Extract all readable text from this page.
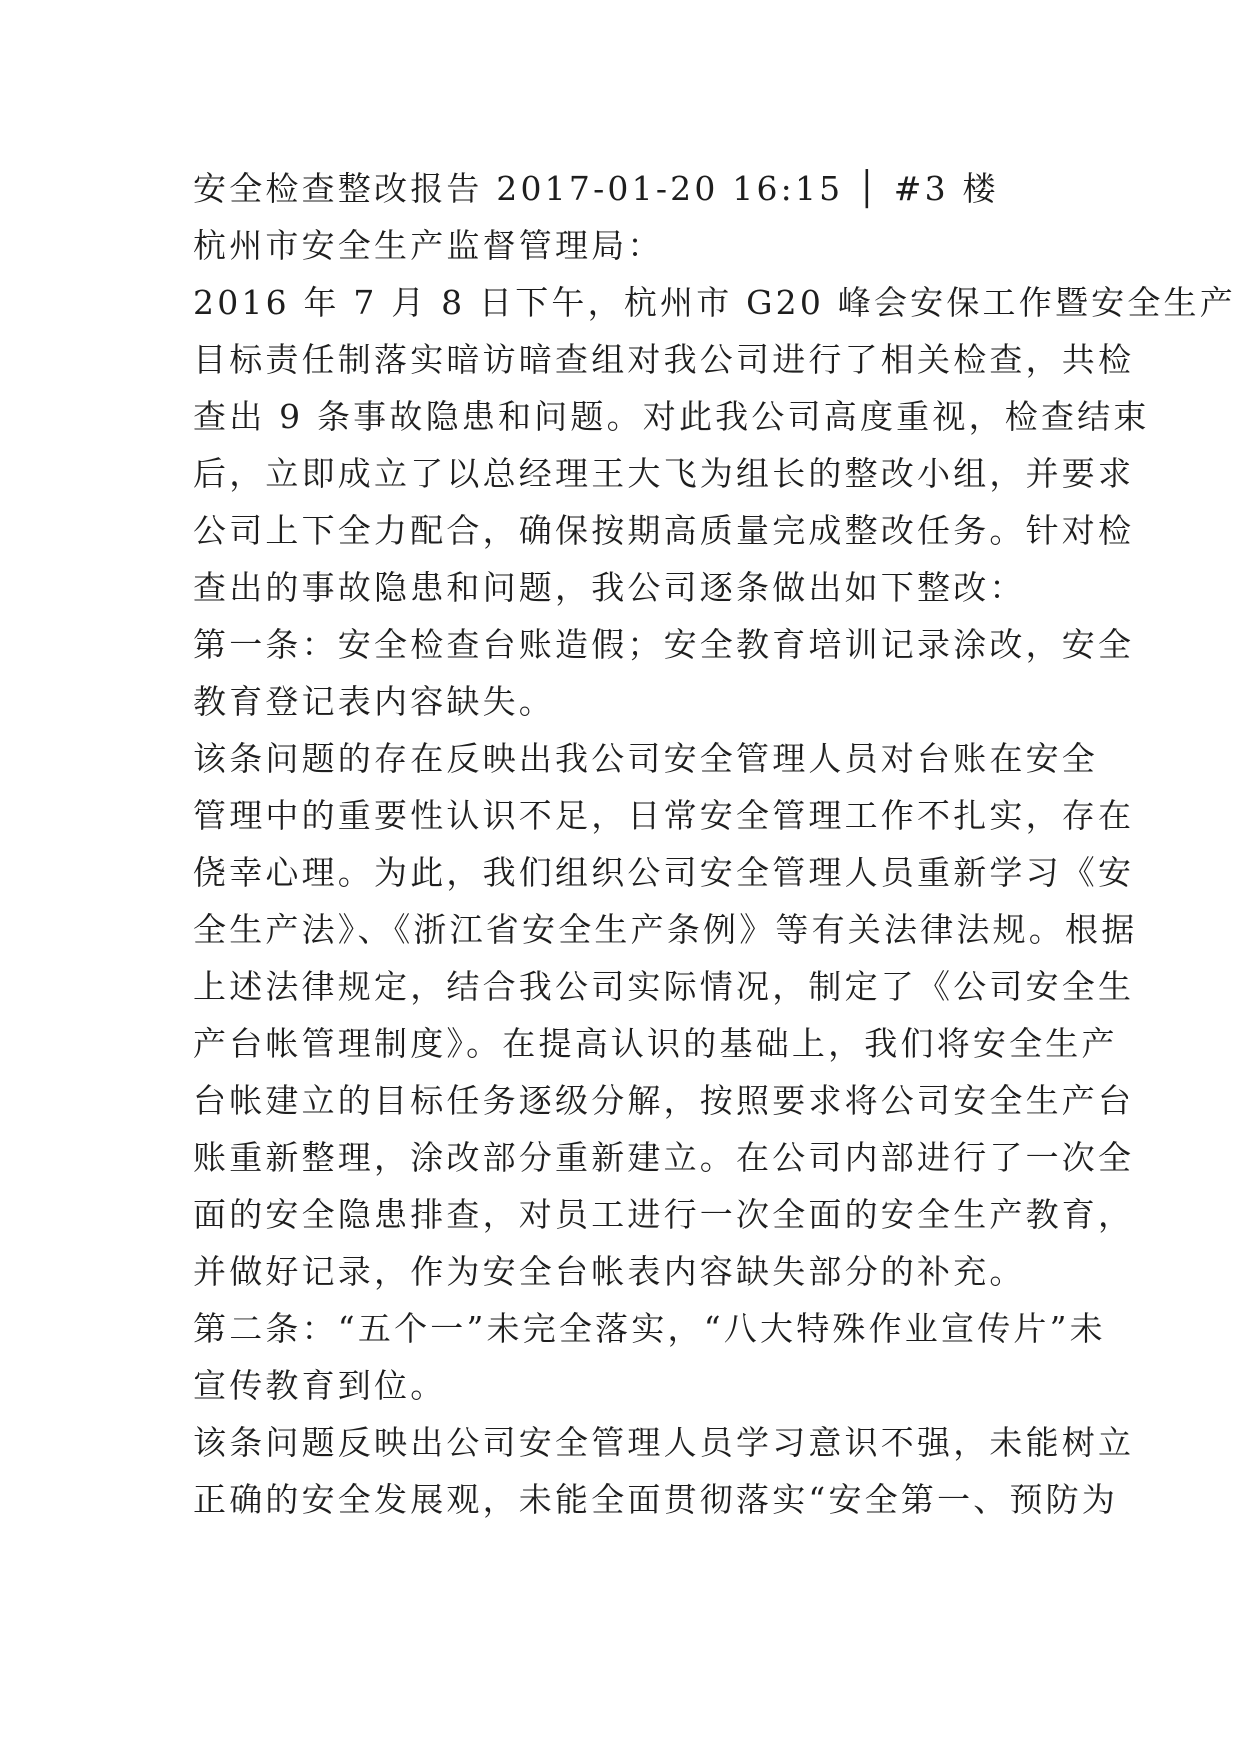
安全检查整改报告 2017-01-20 16:15 │ #3 楼
杭州市安全生产监督管理局：
2016 年 7 月 8 日下午，杭州市 G20 峰会安保工作暨安全生产
目标责任制落实暗访暗查组对我公司进行了相关检查，共检
查出 9 条事故隐患和问题。对此我公司高度重视，检查结束
后，立即成立了以总经理王大飞为组长的整改小组，并要求
公司上下全力配合，确保按期高质量完成整改任务。针对检
查出的事故隐患和问题，我公司逐条做出如下整改：
第一条：安全检查台账造假；安全教育培训记录涂改，安全
教育登记表内容缺失。
该条问题的存在反映出我公司安全管理人员对台账在安全
管理中的重要性认识不足，日常安全管理工作不扎实，存在
侥幸心理。为此，我们组织公司安全管理人员重新学习《安
全生产法》、《浙江省安全生产条例》等有关法律法规。根据
上述法律规定，结合我公司实际情况，制定了《公司安全生
产台帐管理制度》。在提高认识的基础上，我们将安全生产
台帐建立的目标任务逐级分解，按照要求将公司安全生产台
账重新整理，涂改部分重新建立。在公司内部进行了一次全
面的安全隐患排查，对员工进行一次全面的安全生产教育，
并做好记录，作为安全台帐表内容缺失部分的补充。
第二条：“五个一”未完全落实，“八大特殊作业宣传片”未
宣传教育到位。
该条问题反映出公司安全管理人员学习意识不强，未能树立
正确的安全发展观，未能全面贯彻落实“安全第一、预防为
